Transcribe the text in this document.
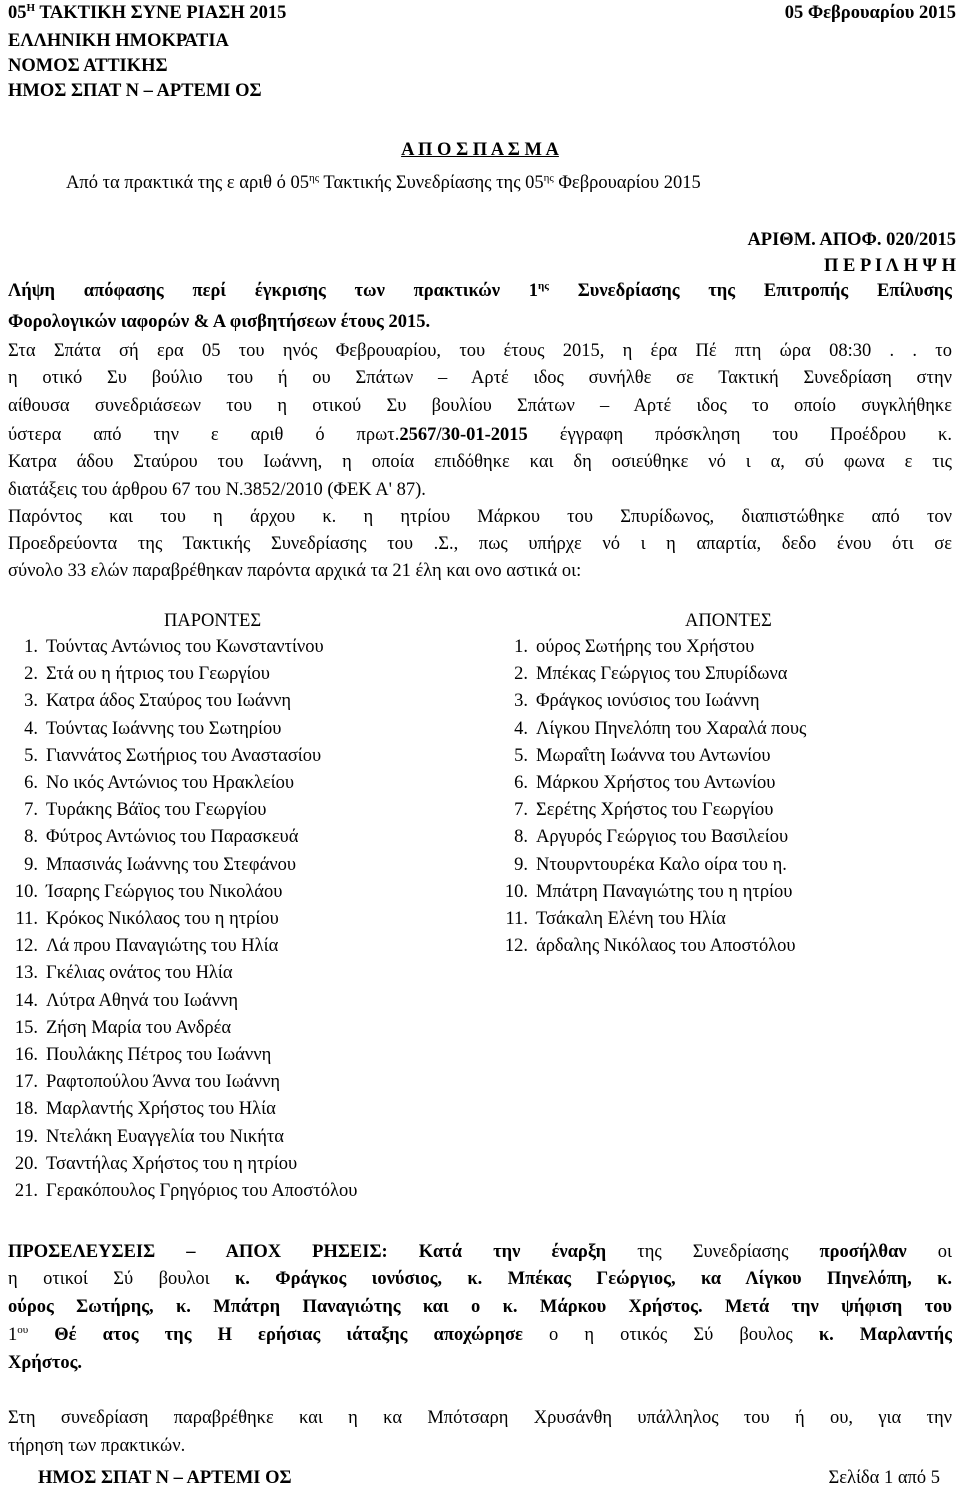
$05^H$ ΤΑΚΤΙΚΗ ΣΥΝΕ ΡΙΑΣΗ 2015	05 Φεβρουαρίου 2015
ΕΛΛΗΝΙΚΗ ΗΜΟΚΡΑΤΙΑ
ΝΟΜΟΣ ΑΤΤΙΚΗΣ
ΗΜΟΣ ΣΠΑΤ Ν – ΑΡΤΕΜΙ ΟΣ
Α Π Ο Σ Π Α Σ Μ Α
Από τα πρακτικά της ε αριθ ό $05^{\eta\varsigma}$ Τακτικής Συνεδρίασης της $05^{\eta\varsigma}$ Φεβρουαρίου 2015
ΑΡΙΘΜ. ΑΠΟΦ. 020/2015
Π Ε Ρ Ι Λ Η Ψ Η
Λήψη απόφασης περί έγκρισης των πρακτικών $1^{\eta\varsigma}$ Συνεδρίασης της Επιτροπής Επίλυσης
Φορολογικών ιαφορών & Α φισβητήσεων έτους 2015.
Στα Σπάτα σή ερα 05 του ηνός Φεβρουαρίου, του έτους 2015, η έρα Πέ πτη ώρα 08:30 . . το
η οτικό Συ βούλιο του ή ου Σπάτων – Αρτέ ιδος συνήλθε σε Τακτική Συνεδρίαση στην
αίθουσα συνεδριάσεων του η οτικού Συ βουλίου Σπάτων – Αρτέ ιδος το οποίο συγκλήθηκε
ύστερα από την ε αριθ ό πρωτ.2567/30-01-2015 έγγραφη πρόσκληση του Προέδρου κ.
Κατρα άδου Σταύρου του Ιωάννη, η οποία επιδόθηκε και δη οσιεύθηκε νό ι α, σύ φωνα ε τις
διατάξεις του άρθρου 67 του Ν.3852/2010 (ΦΕΚ Α' 87).
Παρόντος και του η άρχου κ. η ητρίου Μάρκου του Σπυρίδωνος, διαπιστώθηκε από τον
Προεδρεύοντα της Τακτικής Συνεδρίασης του .Σ., πως υπήρχε νό ι η απαρτία, δεδο ένου ότι σε
σύνολο 33 ελών παραβρέθηκαν παρόντα αρχικά τα 21 έλη και ονο αστικά οι:
ΠΑΡΟΝΤΕΣ	ΑΠΟΝΤΕΣ
1. Τούντας Αντώνιος του Κωνσταντίνου
2. Στά ου η ήτριος του Γεωργίου
3. Κατρα άδος Σταύρος του Ιωάννη
4. Τούντας Ιωάννης του Σωτηρίου
5. Γιαννάτος Σωτήριος του Αναστασίου
6. Νο ικός Αντώνιος του Ηρακλείου
7. Τυράκης Βάϊος του Γεωργίου
8. Φύτρος Αντώνιος του Παρασκευά
9. Μπασινάς Ιωάννης του Στεφάνου
10. Ίσαρης Γεώργιος του Νικολάου
11. Κρόκος Νικόλαος του η ητρίου
12. Λά πρου Παναγιώτης του Ηλία
13. Γκέλιας ονάτος του Ηλία
14. Λύτρα Αθηνά του Ιωάννη
15. Ζήση Μαρία του Ανδρέα
16. Πουλάκης Πέτρος του Ιωάννη
17. Ραφτοπούλου Άννα του Ιωάννη
18. Μαρλαντής Χρήστος του Ηλία
19. Ντελάκη Ευαγγελία του Νικήτα
20. Τσαντήλας Χρήστος του η ητρίου
21. Γερακόπουλος Γρηγόριος του Αποστόλου
1. ούρος Σωτήρης του Χρήστου
2. Μπέκας Γεώργιος του Σπυρίδωνα
3. Φράγκος ιονύσιος του Ιωάννη
4. Λίγκου Πηνελόπη του Χαραλά πους
5. Μωραΐτη Ιωάννα του Αντωνίου
6. Μάρκου Χρήστος του Αντωνίου
7. Σερέτης Χρήστος του Γεωργίου
8. Αργυρός Γεώργιος του Βασιλείου
9. Ντουρντουρέκα Καλο οίρα του η.
10. Μπάτρη Παναγιώτης του η ητρίου
11. Τσάκαλη Ελένη του Ηλία
12. άρδαλης Νικόλαος του Αποστόλου
ΠΡΟΣΕΛΕΥΣΕΙΣ – ΑΠΟΧ ΡΗΣΕΙΣ: Κατά την έναρξη της Συνεδρίασης προσήλθαν οι
η οτικοί Σύ βουλοι κ. Φράγκος ιονύσιος, κ. Μπέκας Γεώργιος, κα Λίγκου Πηνελόπη, κ.
ούρος Σωτήρης, κ. Μπάτρη Παναγιώτης και ο κ. Μάρκου Χρήστος. Μετά την ψήφιση του
$1^{o\upsilon}$ Θέ ατος της Η ερήσιας ιάταξης αποχώρησε ο η οτικός Σύ βουλος κ. Μαρλαντής
Χρήστος.
Στη συνεδρίαση παραβρέθηκε και η κα Μπότσαρη Χρυσάνθη υπάλληλος του ή ου, για την
τήρηση των πρακτικών.
ΗΜΟΣ ΣΠΑΤ Ν – ΑΡΤΕΜΙ ΟΣ	Σελίδα 1 από 5
